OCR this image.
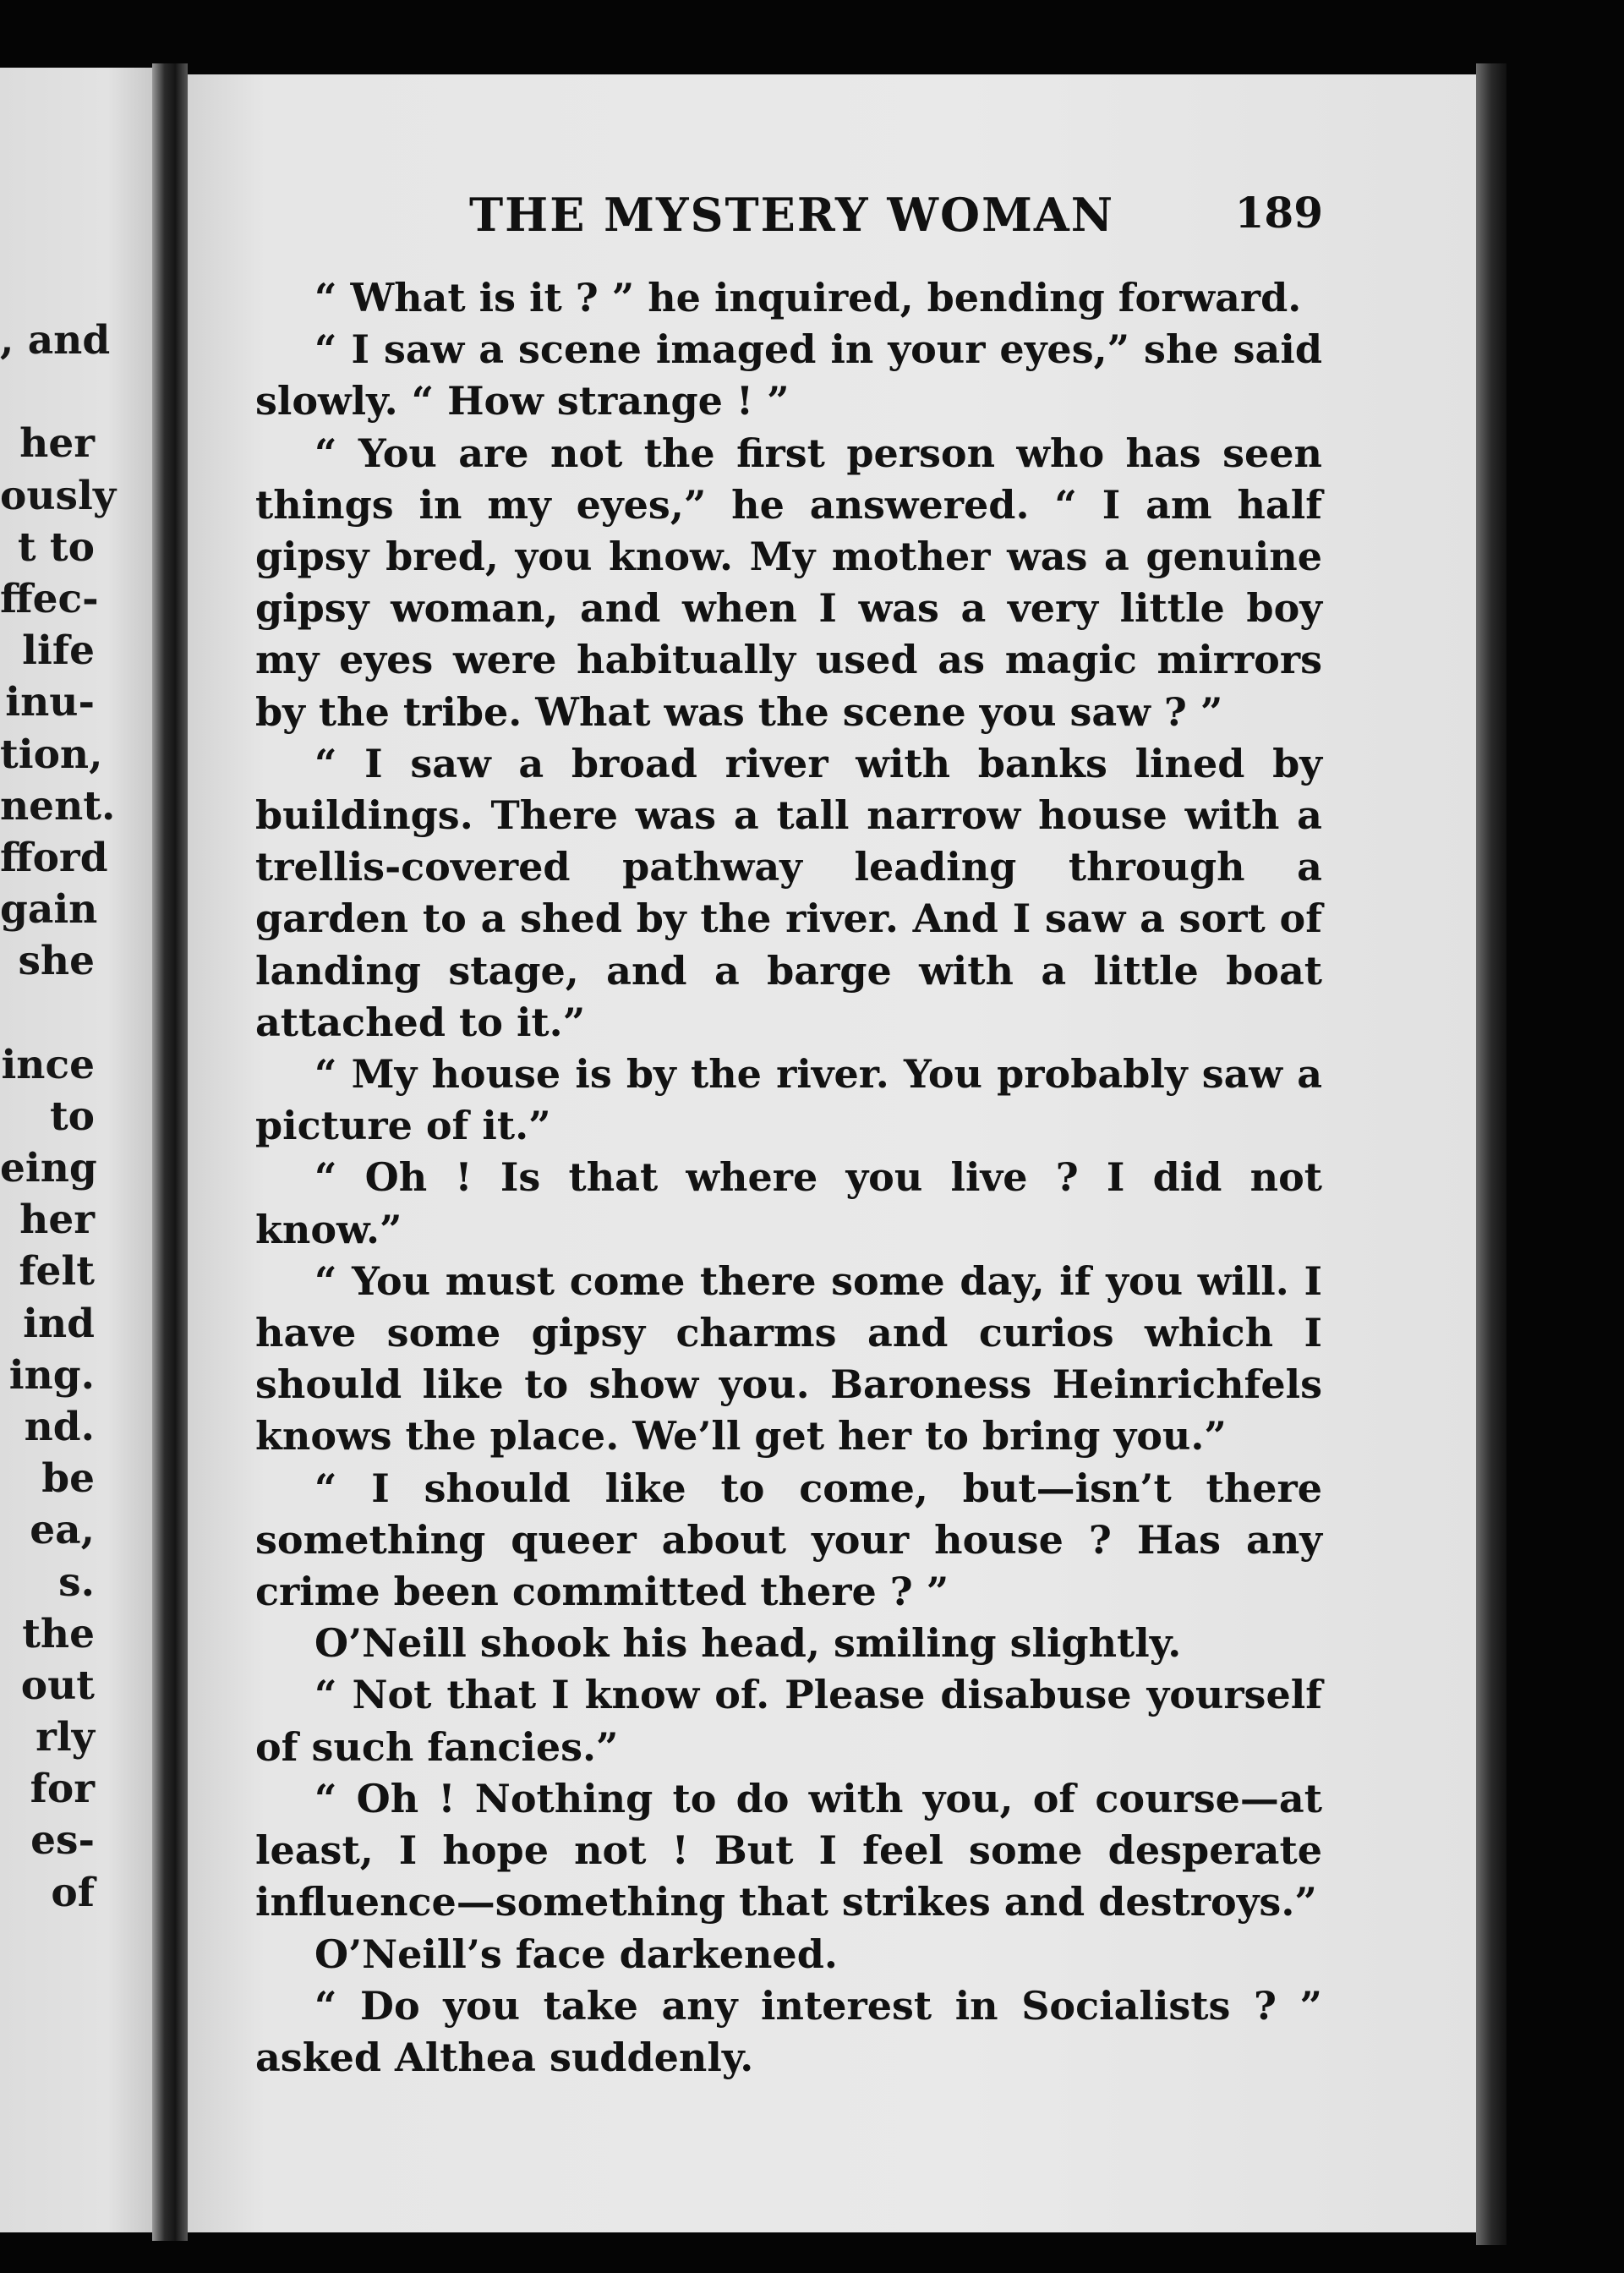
, and
her
ously
t to
ffec-
life
inu-
tion,
nent.
fford
gain
she
ince
to
eing
her
felt
ind
ing.
nd.
be
ea,
s.
the
out
rly
for
es-
of
THE MYSTERY WOMAN	189

“ What is it ? ” he inquired, bending forward.

“ I saw a scene imaged in your eyes,” she said slowly. “ How strange ! ”

“ You are not the first person who has seen things in my eyes,” he answered. “ I am half gipsy bred, you know. My mother was a genuine gipsy woman, and when I was a very little boy my eyes were habitually used as magic mirrors by the tribe. What was the scene you saw ? ”

“ I saw a broad river with banks lined by buildings. There was a tall narrow house with a trellis-covered pathway leading through a garden to a shed by the river. And I saw a sort of landing stage, and a barge with a little boat attached to it.”

“ My house is by the river. You probably saw a picture of it.”

“ Oh ! Is that where you live ? I did not know.”

“ You must come there some day, if you will. I have some gipsy charms and curios which I should like to show you. Baroness Heinrichfels knows the place. We’ll get her to bring you.”

“ I should like to come, but—isn’t there something queer about your house ? Has any crime been committed there ? ”

O’Neill shook his head, smiling slightly.

“ Not that I know of. Please disabuse yourself of such fancies.”

“ Oh ! Nothing to do with you, of course—at least, I hope not ! But I feel some desperate influence—something that strikes and destroys.”

O’Neill’s face darkened.

“ Do you take any interest in Socialists ? ” asked Althea suddenly.
